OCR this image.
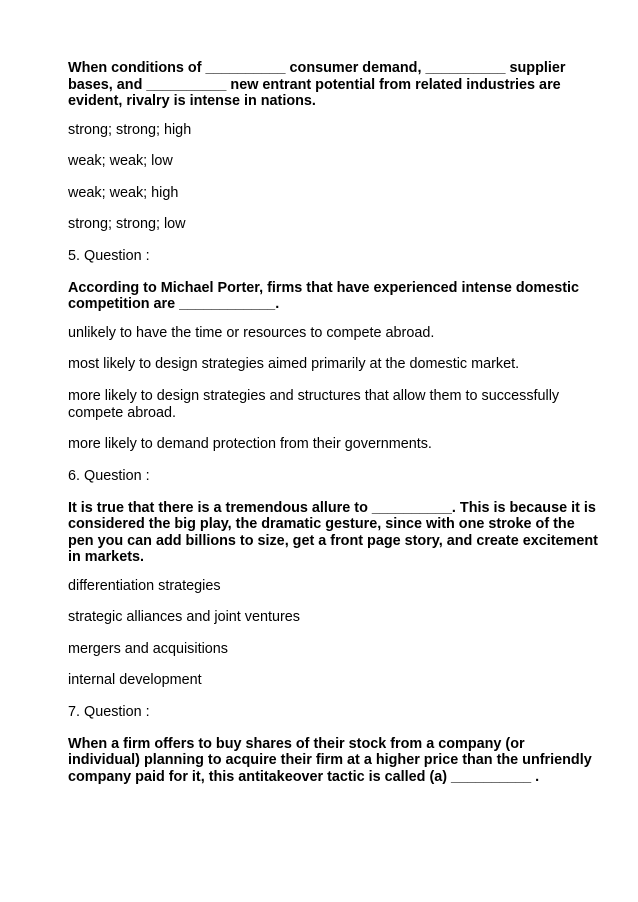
When conditions of __________ consumer demand, __________ supplier bases, and __________ new entrant potential from related industries are evident, rivalry is intense in nations.

strong; strong; high

weak; weak; low

weak; weak; high

strong; strong; low

5. Question :

According to Michael Porter, firms that have experienced intense domestic competition are ____________.

unlikely to have the time or resources to compete abroad.

most likely to design strategies aimed primarily at the domestic market.

more likely to design strategies and structures that allow them to successfully compete abroad.

more likely to demand protection from their governments.

6. Question :

It is true that there is a tremendous allure to __________. This is because it is considered the big play, the dramatic gesture, since with one stroke of the pen you can add billions to size, get a front page story, and create excitement in markets.

differentiation strategies

strategic alliances and joint ventures

mergers and acquisitions

internal development

7. Question :

When a firm offers to buy shares of their stock from a company (or individual) planning to acquire their firm at a higher price than the unfriendly company paid for it, this antitakeover tactic is called (a) __________ .
